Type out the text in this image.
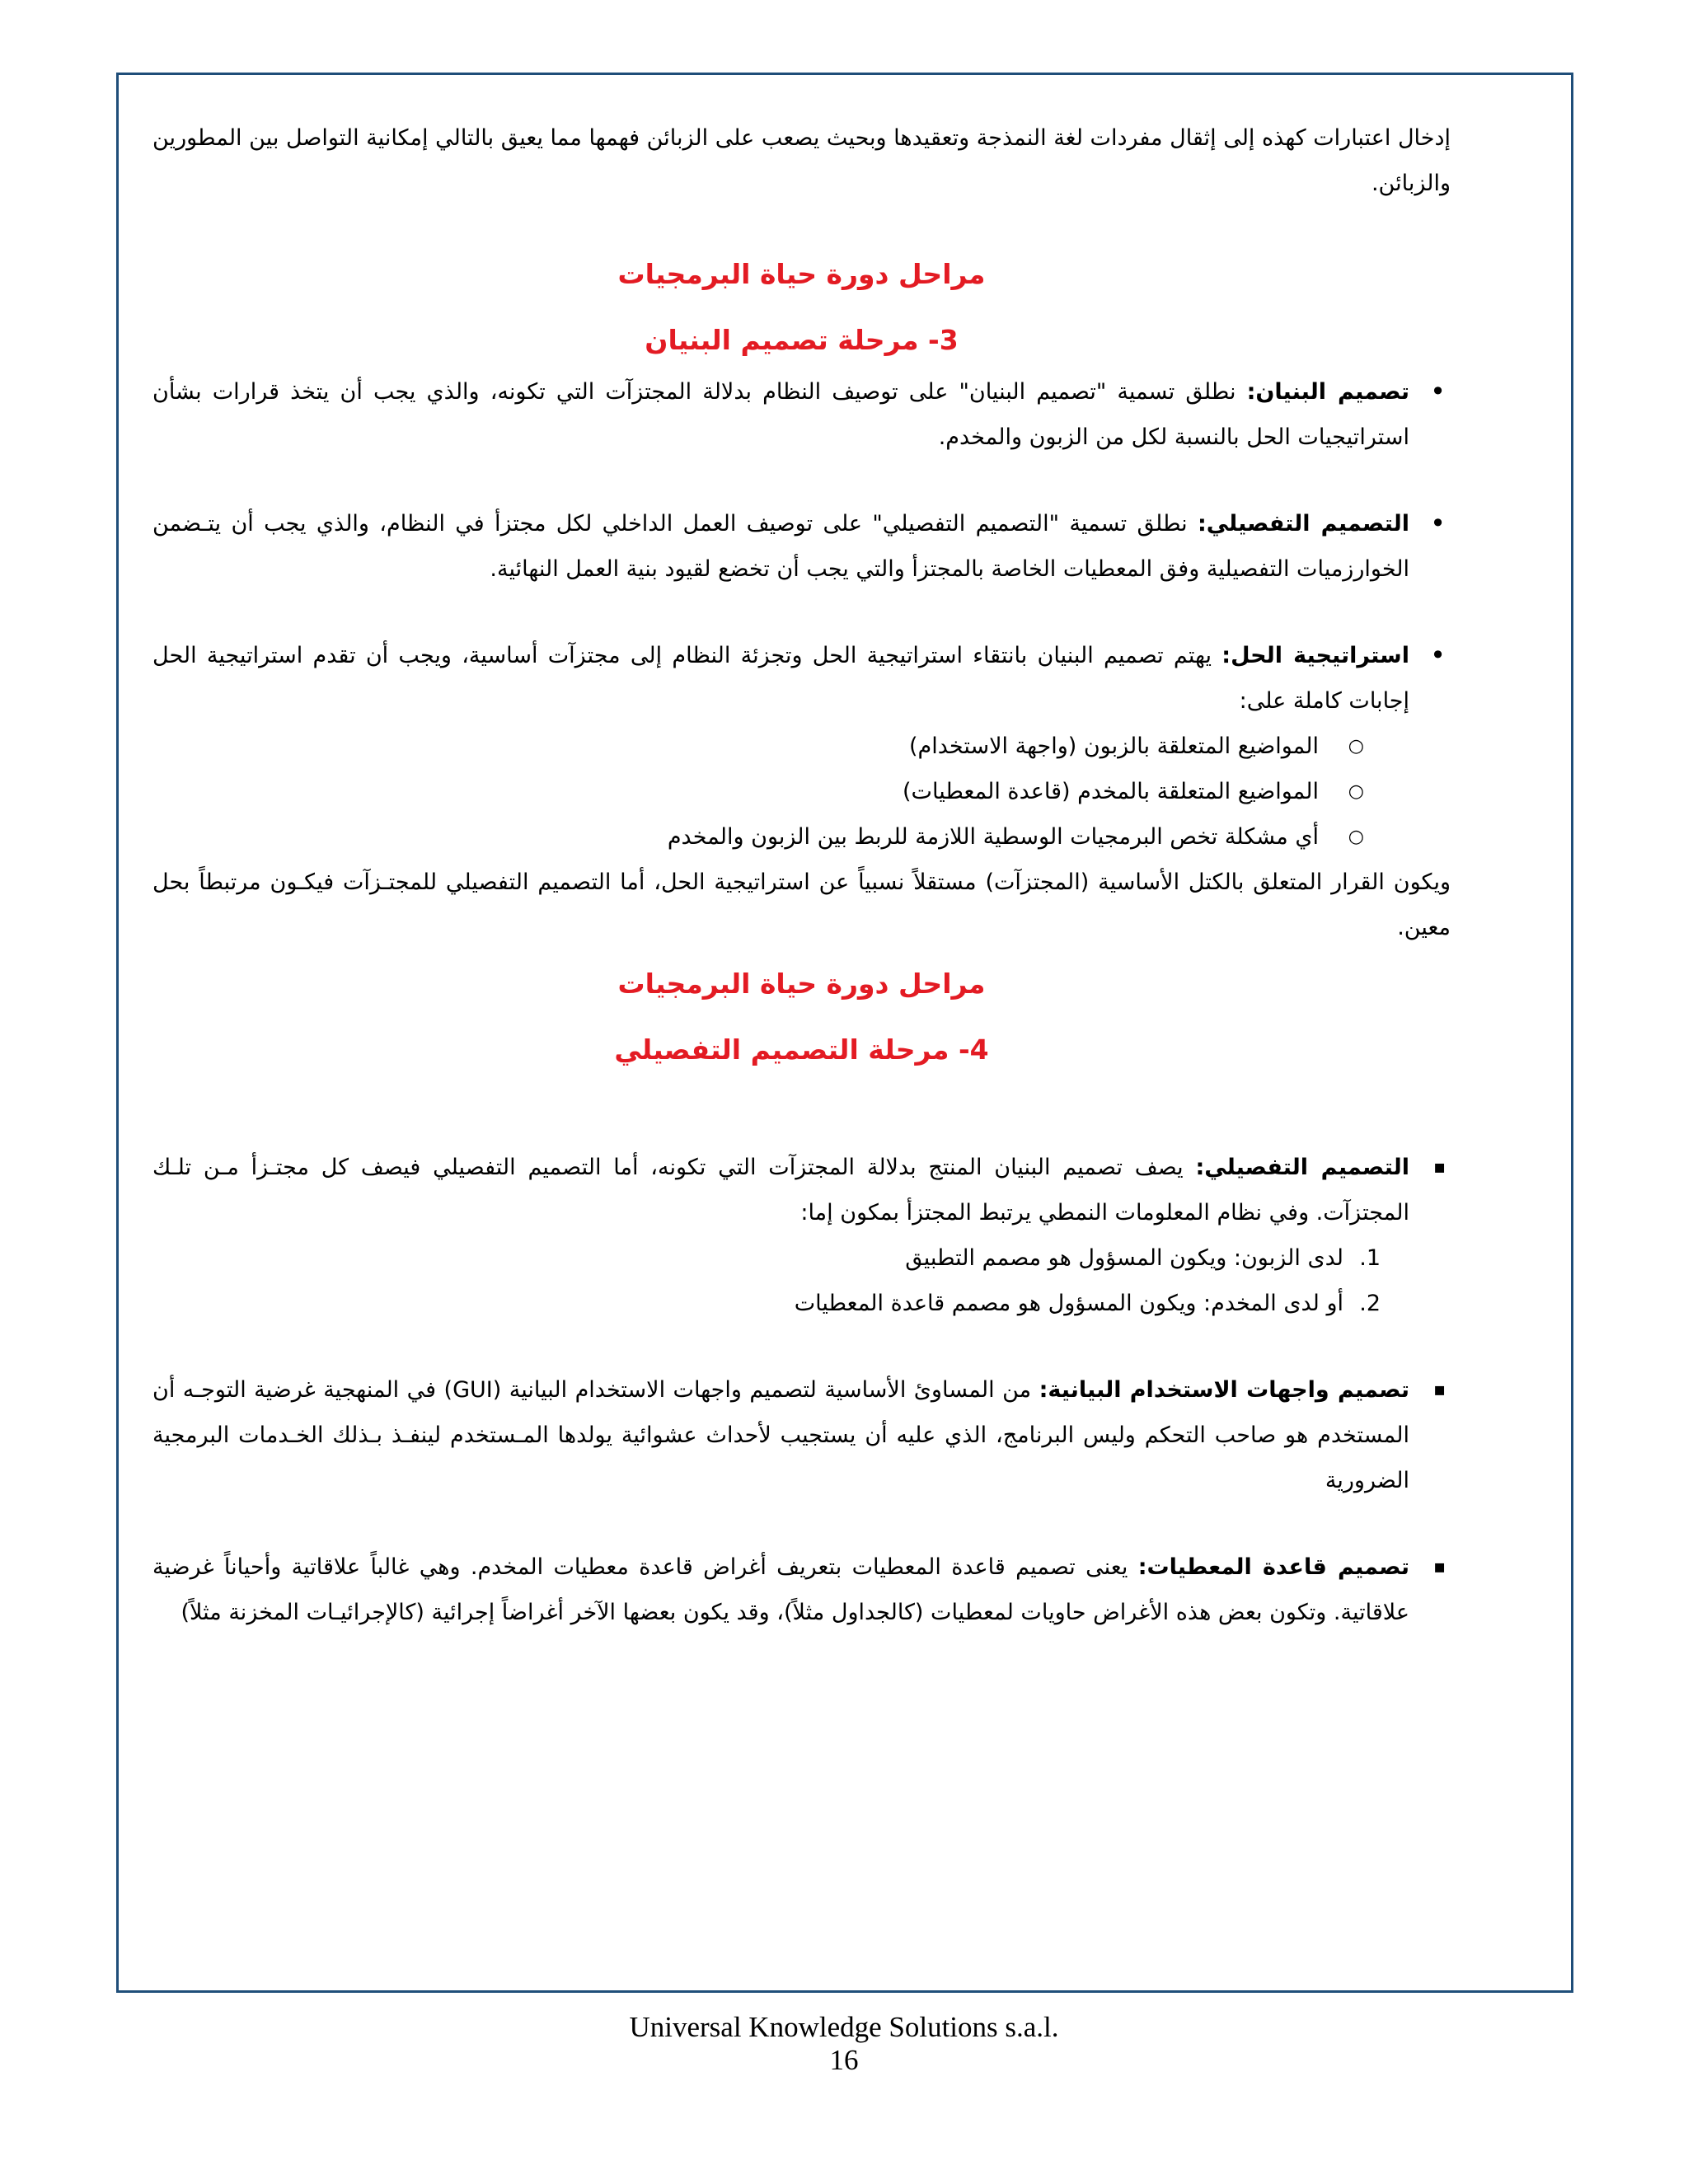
إدخال اعتبارات كهذه إلى إثقال مفردات لغة النمذجة وتعقيدها وبحيث يصعب على الزبائن فهمها مما يعيق بالتالي إمكانية التواصل بين المطورين والزبائن.

مراحل دورة حياة البرمجيات

3- مرحلة تصميم البنيان

• تصميم البنيان: نطلق تسمية "تصميم البنيان" على توصيف النظام بدلالة المجتزآت التي تكونه، والذي يجب أن يتخذ قرارات بشأن استراتيجيات الحل بالنسبة لكل من الزبون والمخدم.
• التصميم التفصيلي: نطلق تسمية "التصميم التفصيلي" على توصيف العمل الداخلي لكل مجتزأ في النظام، والذي يجب أن يتـضمن الخوارزميات التفصيلية وفق المعطيات الخاصة بالمجتزأ والتي يجب أن تخضع لقيود بنية العمل النهائية.
• استراتيجية الحل: يهتم تصميم البنيان بانتقاء استراتيجية الحل وتجزئة النظام إلى مجتزآت أساسية، ويجب أن تقدم استراتيجية الحل إجابات كاملة على:
○ المواضيع المتعلقة بالزبون (واجهة الاستخدام)
○ المواضيع المتعلقة بالمخدم (قاعدة المعطيات)
○ أي مشكلة تخص البرمجيات الوسطية اللازمة للربط بين الزبون والمخدم

ويكون القرار المتعلق بالكتل الأساسية (المجتزآت) مستقلاً نسبياً عن استراتيجية الحل، أما التصميم التفصيلي للمجتـزآت فيكـون مرتبطاً بحل معين.

مراحل دورة حياة البرمجيات

4- مرحلة التصميم التفصيلي

▪ التصميم التفصيلي: يصف تصميم البنيان المنتج بدلالة المجتزآت التي تكونه، أما التصميم التفصيلي فيصف كل مجتـزأ مـن تلـك المجتزآت. وفي نظام المعلومات النمطي يرتبط المجتزأ بمكون إما:
1.
لدى الزبون: ويكون المسؤول هو مصمم التطبيق
2.
أو لدى المخدم: ويكون المسؤول هو مصمم قاعدة المعطيات
▪ تصميم واجهات الاستخدام البيانية: من المساوئ الأساسية لتصميم واجهات الاستخدام البيانية (GUI) في المنهجية غرضية التوجـه أن المستخدم هو صاحب التحكم وليس البرنامج، الذي عليه أن يستجيب لأحداث عشوائية يولدها المـستخدم لينفـذ بـذلك الخـدمات البرمجية الضرورية
▪ تصميم قاعدة المعطيات: يعنى تصميم قاعدة المعطيات بتعريف أغراض قاعدة معطيات المخدم. وهي غالباً علاقاتية وأحياناً غرضية علاقاتية. وتكون بعض هذه الأغراض حاويات لمعطيات (كالجداول مثلاً)، وقد يكون بعضها الآخر أغراضاً إجرائية (كالإجرائيـات المخزنة مثلاً)
Universal Knowledge Solutions s.a.l.
16
